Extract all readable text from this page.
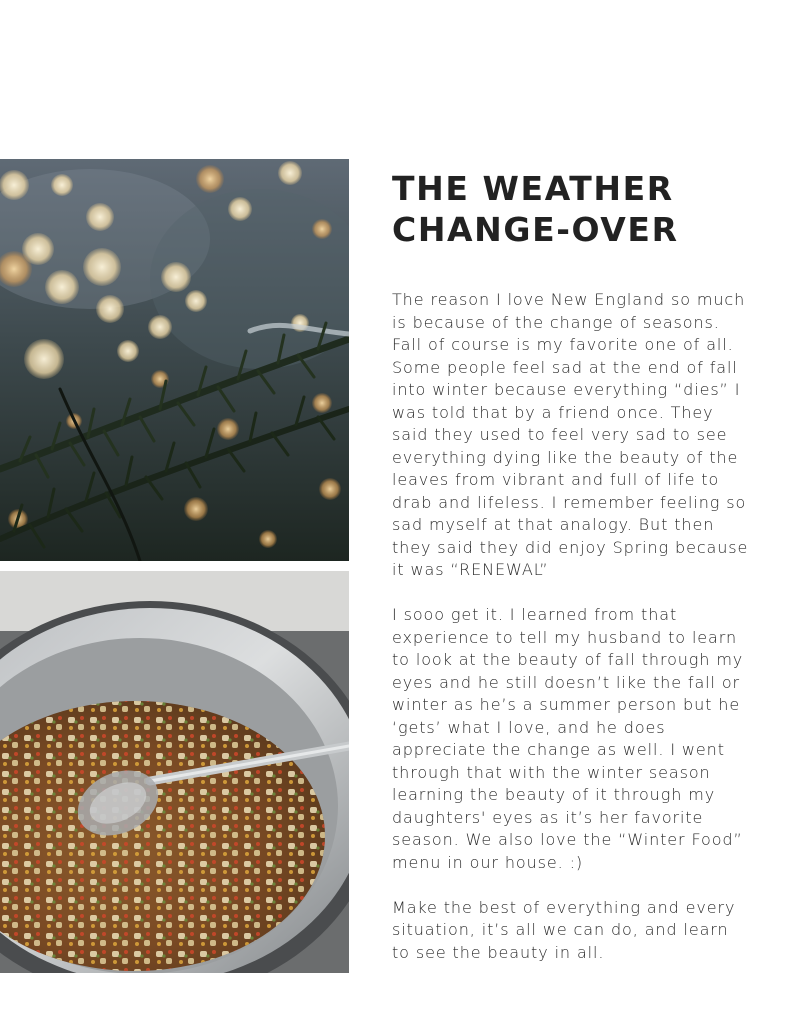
THE WEATHER
CHANGE-OVER

The reason I love New England so much
is because of the change of seasons.
Fall of course is my favorite one of all.
Some people feel sad at the end of fall
into winter because everything “dies” I
was told that by a friend once. They
said they used to feel very sad to see
everything dying like the beauty of the
leaves from vibrant and full of life to
drab and lifeless. I remember feeling so
sad myself at that analogy. But then
they said they did enjoy Spring because
it was “RENEWAL”

I sooo get it. I learned from that
experience to tell my husband to learn
to look at the beauty of fall through my
eyes and he still doesn’t like the fall or
winter as he’s a summer person but he
‘gets’ what I love, and he does
appreciate the change as well. I went
through that with the winter season
learning the beauty of it through my
daughters' eyes as it’s her favorite
season. We also love the “Winter Food”
menu in our house. :)

Make the best of everything and every
situation, it’s all we can do, and learn
to see the beauty in all.
